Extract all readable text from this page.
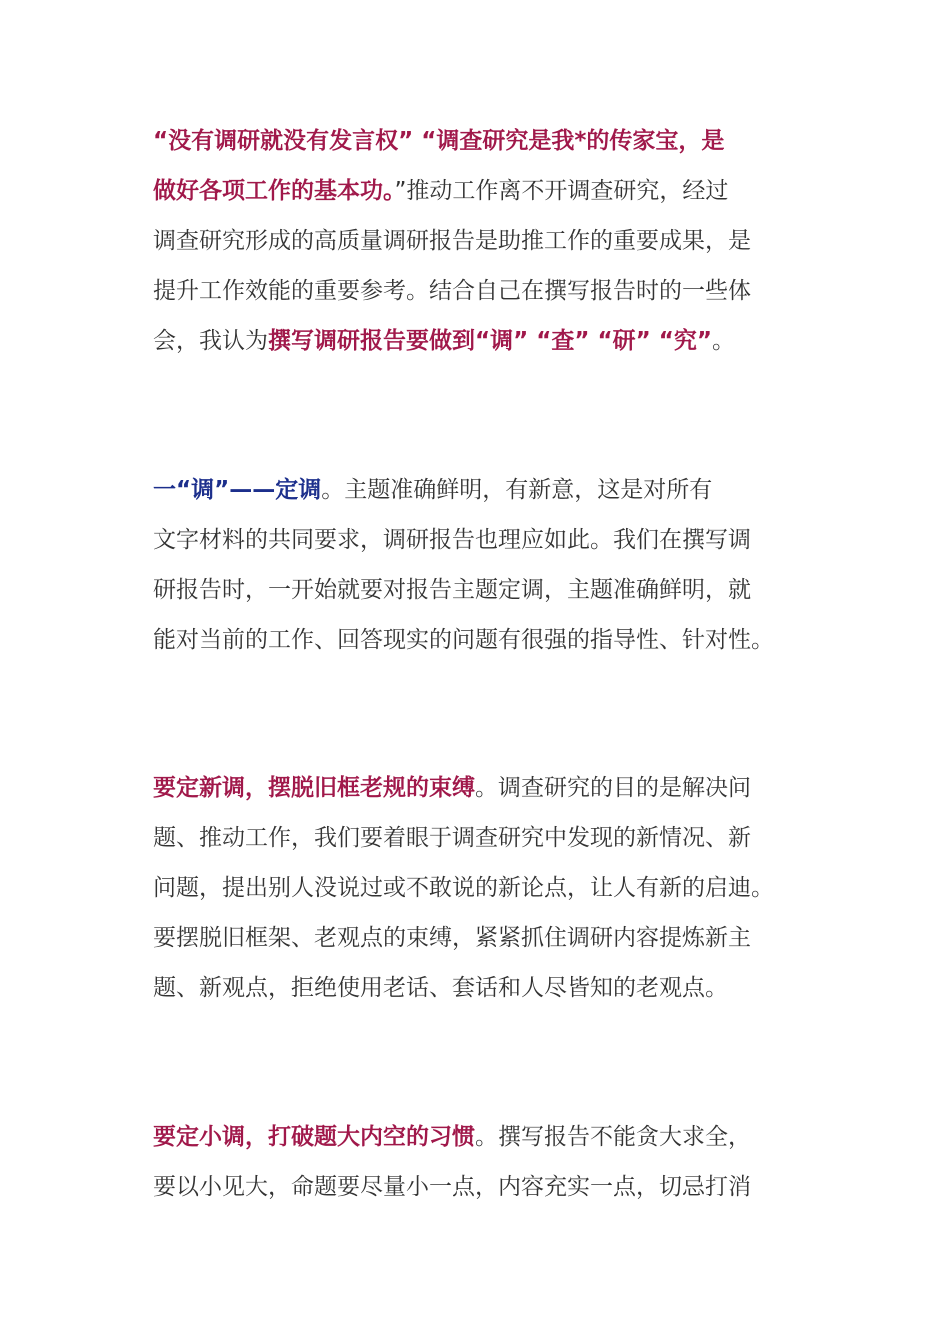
“没有调研就没有发言权” “调查研究是我*的传家宝，是
做好各项工作的基本功。”推动工作离不开调查研究，经过
调查研究形成的高质量调研报告是助推工作的重要成果，是
提升工作效能的重要参考。结合自己在撰写报告时的一些体
会，我认为撰写调研报告要做到“调” “查” “研” “究”。

一“调”——定调。主题准确鲜明，有新意，这是对所有
文字材料的共同要求，调研报告也理应如此。我们在撰写调
研报告时，一开始就要对报告主题定调，主题准确鲜明，就
能对当前的工作、回答现实的问题有很强的指导性、针对性。

要定新调，摆脱旧框老规的束缚。调查研究的目的是解决问
题、推动工作，我们要着眼于调查研究中发现的新情况、新
问题，提出别人没说过或不敢说的新论点，让人有新的启迪。
要摆脱旧框架、老观点的束缚，紧紧抓住调研内容提炼新主
题、新观点，拒绝使用老话、套话和人尽皆知的老观点。

要定小调，打破题大内空的习惯。撰写报告不能贪大求全，
要以小见大，命题要尽量小一点，内容充实一点，切忌打消
